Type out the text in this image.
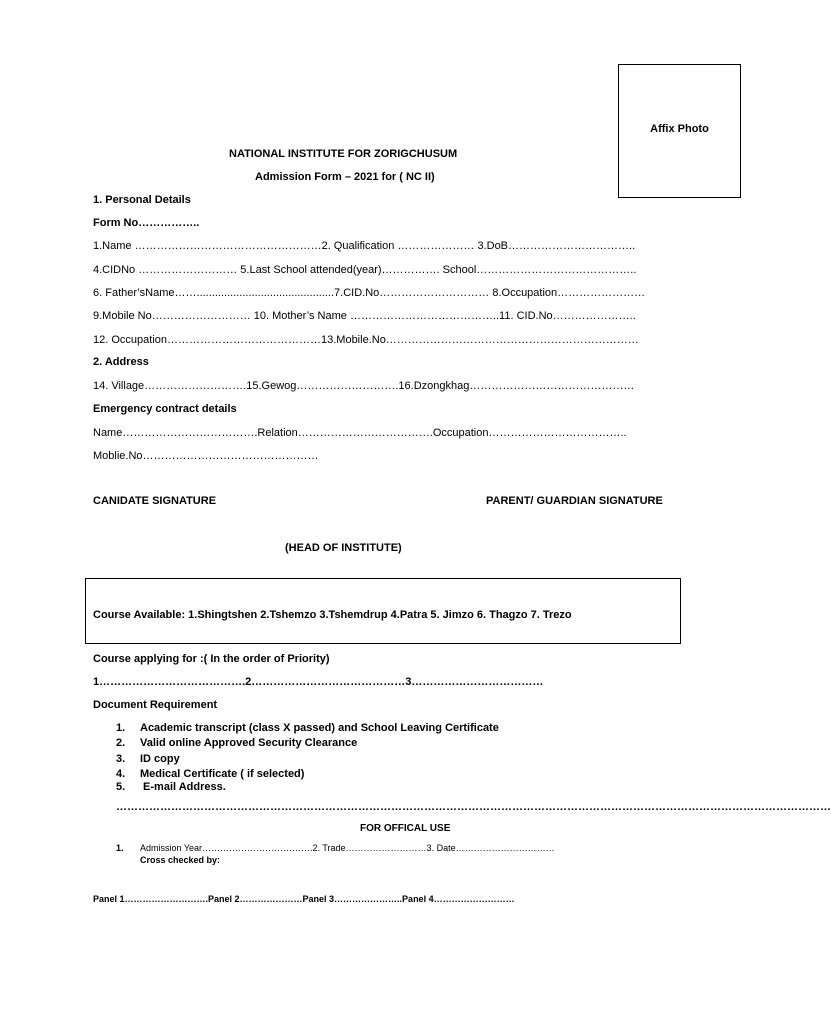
Affix Photo
NATIONAL INSTITUTE FOR ZORIGCHUSUM
Admission Form – 2021 for ( NC II)
1. Personal Details
Form No……………..
1.Name ……………………………………………2. Qualification ………………… 3.DoB……………………………..
4.CIDNo ……………………… 5.Last School attended(year)……………. School……………………………………..
6. Father’sName…….............................................7.CID.No………………………… 8.Occupation……………………
9.Mobile No……………………… 10. Mother’s Name …………………………………..11. CID.No…………………..
12. Occupation……………………………………13.Mobile.No……………………………………………………………
2. Address
14. Village……………………….15.Gewog……………………….16.Dzongkhag………………………………………
Emergency contract details
Name……………………………….Relation……………………………….Occupation………………………………..
Moblie.No…………………………………………
CANIDATE SIGNATURE	PARENT/ GUARDIAN SIGNATURE
(HEAD OF INSTITUTE)
Course Available: 1.Shingtshen 2.Tshemzo 3.Tshemdrup 4.Patra 5. Jimzo 6. Thagzo 7. Trezo
Course applying for :( In the order of Priority)
1………………………………….2……………………………………3………………………………
Document Requirement
1. Academic transcript (class X passed) and School Leaving Certificate
2. Valid online Approved Security Clearance
3. ID copy
4. Medical Certificate ( if selected)
5. E-mail Address.
……………………………………………………………………………………………………………………………………………………………………………
FOR OFFICAL USE
1. Admission Year……………………………….2. Trade………………………3. Date……………………………
Cross checked by:
Panel 1……………………….Panel 2…………………Panel 3…………………..Panel 4………………………
